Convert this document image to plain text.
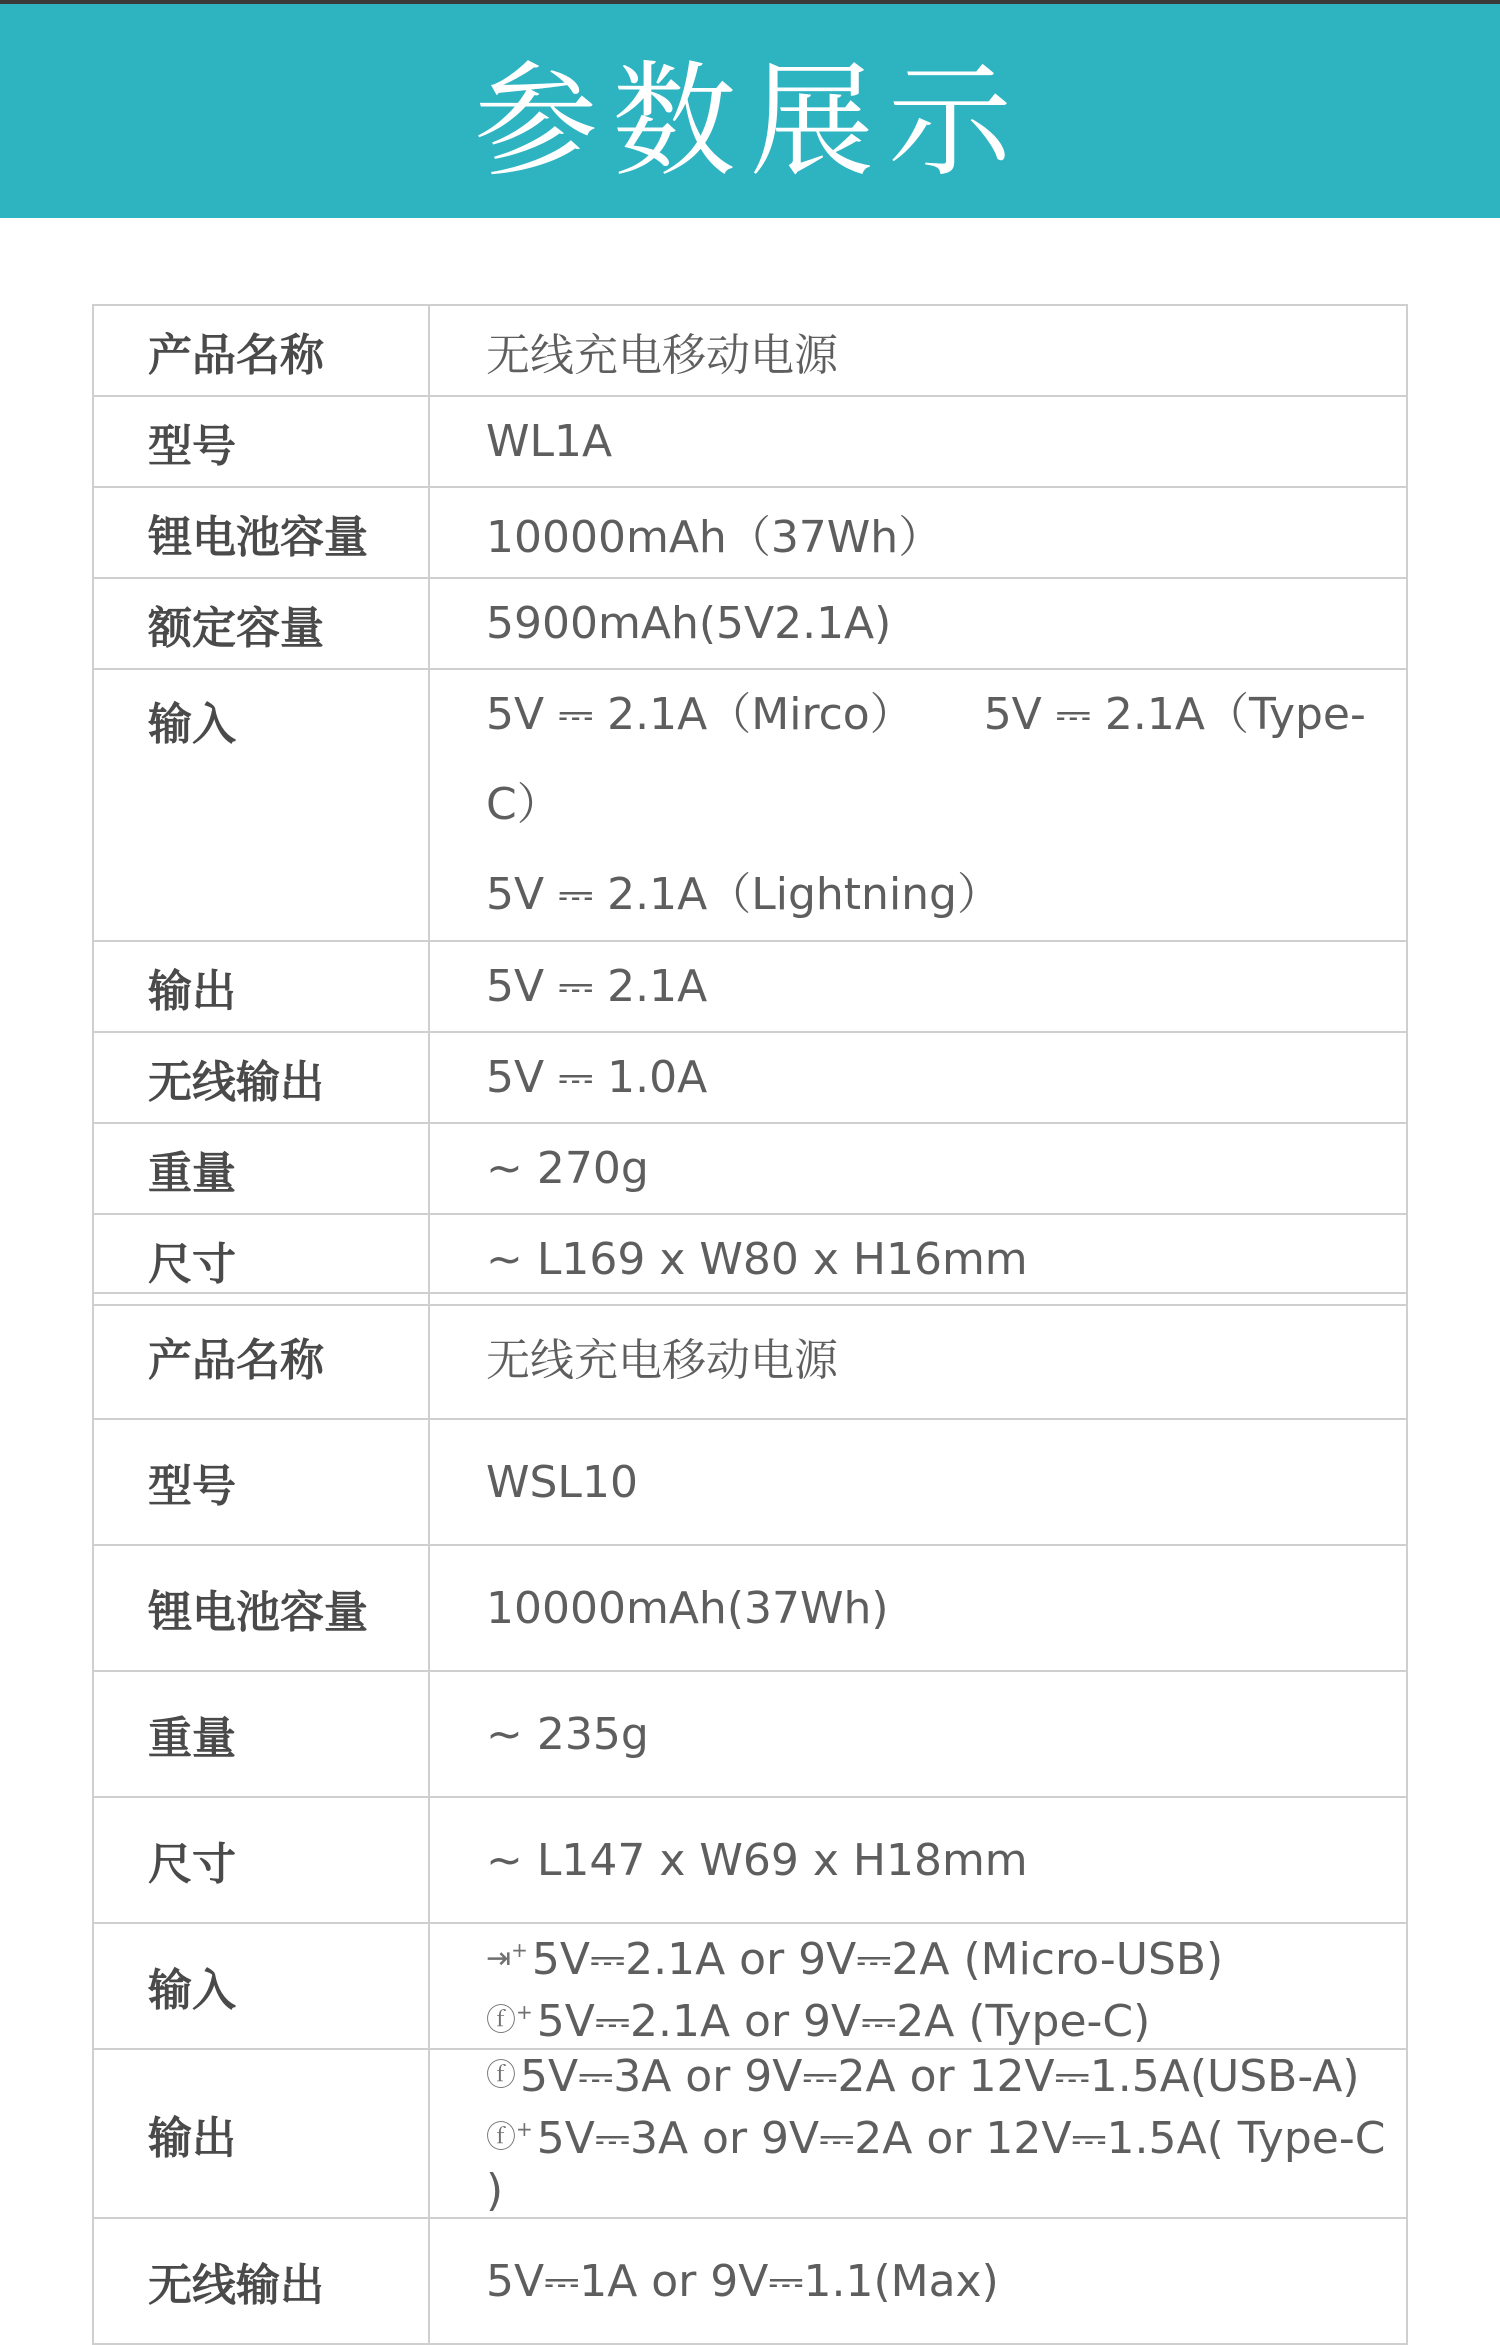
参数展示
产品名称	无线充电移动电源
型号	WL1A
锂电池容量	10000mAh（37Wh）
额定容量	5900mAh(5V2.1A)
输入	5V ⎓ 2.1A（Mirco） 5V ⎓ 2.1A（Type-C）
5V ⎓ 2.1A（Lightning）

输出	5V ⎓ 2.1A
无线输出	5V ⎓ 1.0A
重量	~ 270g
尺寸	~ L169 x W80 x H16mm
产品名称	无线充电移动电源
型号	WSL10
锂电池容量	10000mAh(37Wh)
重量	~ 235g
尺寸	~ L147 x W69 x H18mm
输入	⇥+5V⎓2.1A or 9V⎓2A (Micro-USB)
ⓕ+5V⎓2.1A or 9V⎓2A (Type-C)

输出	ⓕ5V⎓3A or 9V⎓2A or 12V⎓1.5A(USB-A)
ⓕ+5V⎓3A or 9V⎓2A or 12V⎓1.5A( Type-C )

无线输出	5V⎓1A or 9V⎓1.1(Max)
